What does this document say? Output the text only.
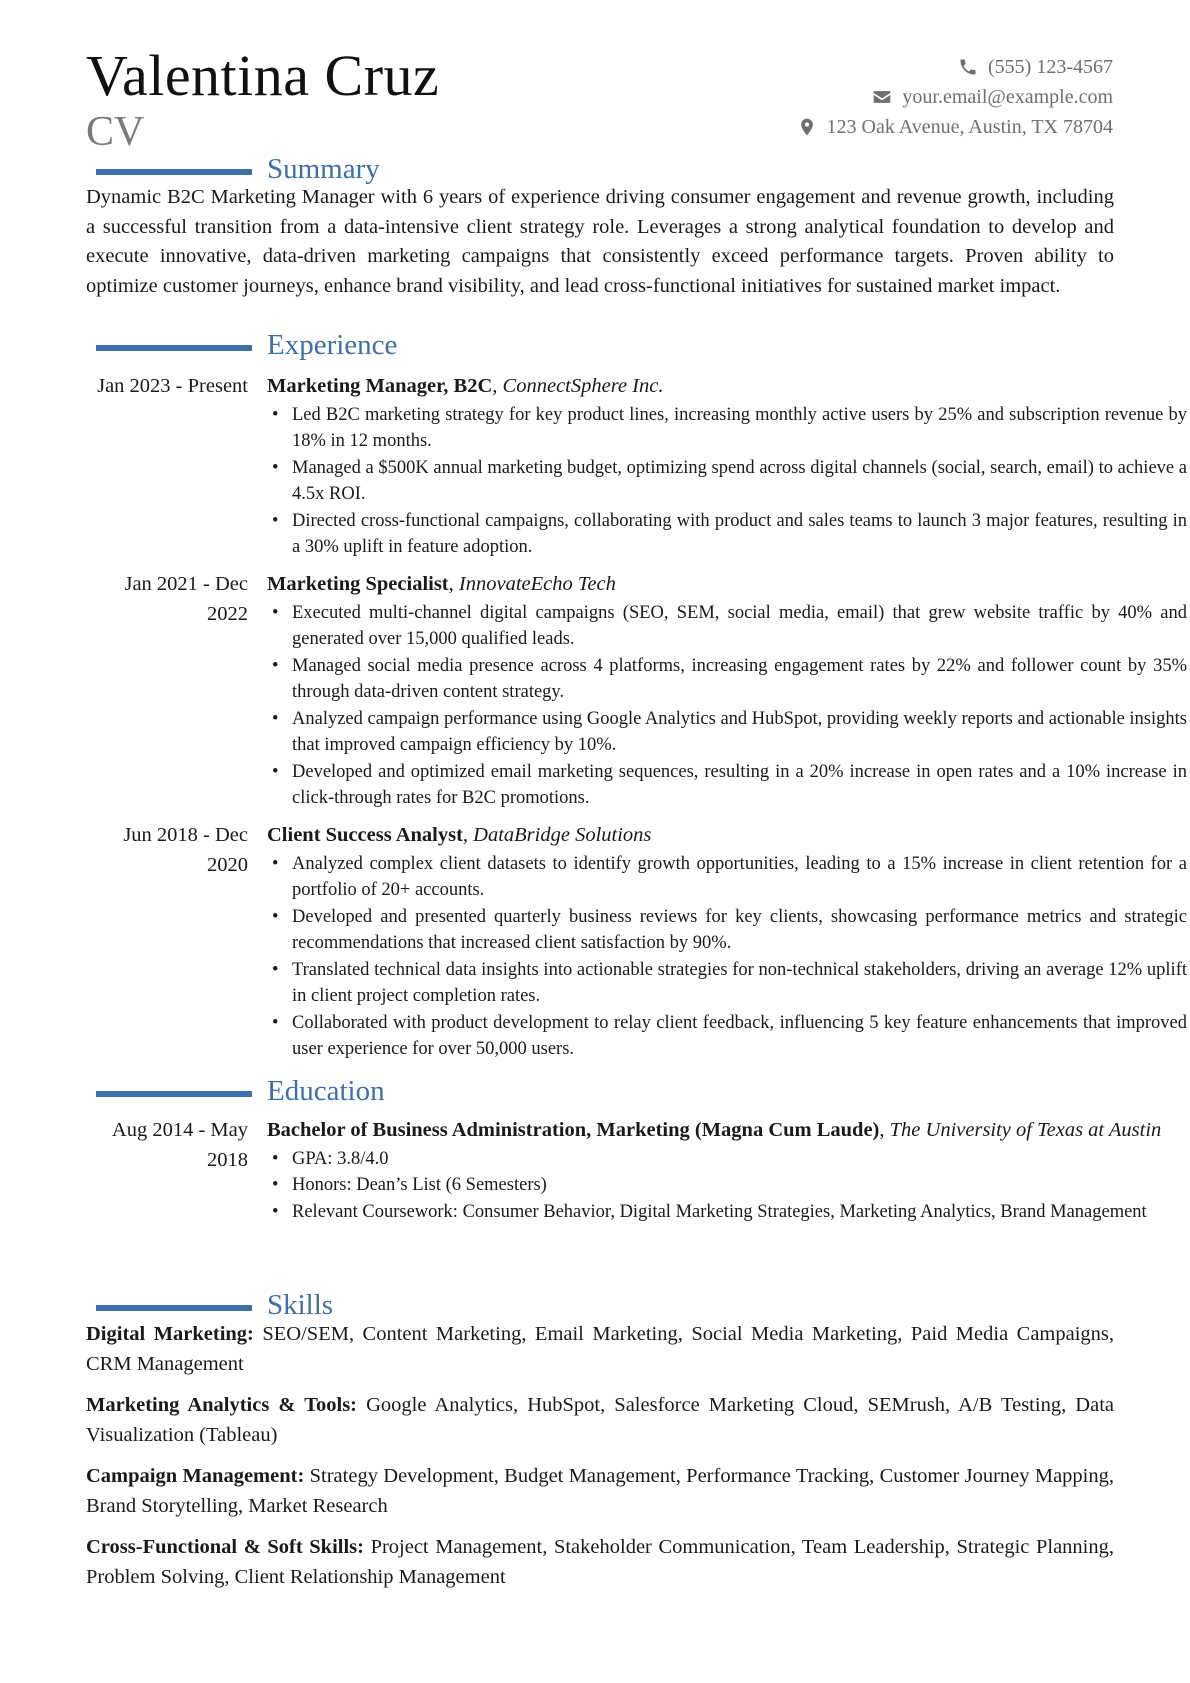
Valentina Cruz
CV
(555) 123-4567
your.email@example.com
123 Oak Avenue, Austin, TX 78704
Summary
Dynamic B2C Marketing Manager with 6 years of experience driving consumer engagement and revenue growth, including a successful transition from a data-intensive client strategy role. Leverages a strong analytical foundation to develop and execute innovative, data-driven marketing campaigns that consistently exceed performance targets. Proven ability to optimize customer journeys, enhance brand visibility, and lead cross-functional initiatives for sustained market impact.
Experience
Jan 2023 - Present Marketing Manager, B2C, ConnectSphere Inc.
• Led B2C marketing strategy for key product lines, increasing monthly active users by 25% and subscription revenue by 18% in 12 months.
• Managed a $500K annual marketing budget, optimizing spend across digital channels (social, search, email) to achieve a 4.5x ROI.
• Directed cross-functional campaigns, collaborating with product and sales teams to launch 3 major features, resulting in a 30% uplift in feature adoption.
Jan 2021 - Dec 2022
Marketing Specialist, InnovateEcho Tech
• Executed multi-channel digital campaigns (SEO, SEM, social media, email) that grew website traffic by 40% and generated over 15,000 qualified leads.
• Managed social media presence across 4 platforms, increasing engagement rates by 22% and follower count by 35% through data-driven content strategy.
• Analyzed campaign performance using Google Analytics and HubSpot, providing weekly reports and actionable insights that improved campaign efficiency by 10%.
• Developed and optimized email marketing sequences, resulting in a 20% increase in open rates and a 10% increase in click-through rates for B2C promotions.
Jun 2018 - Dec 2020
Client Success Analyst, DataBridge Solutions
• Analyzed complex client datasets to identify growth opportunities, leading to a 15% increase in client retention for a portfolio of 20+ accounts.
• Developed and presented quarterly business reviews for key clients, showcasing performance metrics and strategic recommendations that increased client satisfaction by 90%.
• Translated technical data insights into actionable strategies for non-technical stakeholders, driving an average 12% uplift in client project completion rates.
• Collaborated with product development to relay client feedback, influencing 5 key feature enhancements that improved user experience for over 50,000 users.
Education
Aug 2014 - May 2018
Bachelor of Business Administration, Marketing (Magna Cum Laude), The University of Texas at Austin
• GPA: 3.8/4.0
• Honors: Dean’s List (6 Semesters)
• Relevant Coursework: Consumer Behavior, Digital Marketing Strategies, Marketing Analytics, Brand Management
Skills
Digital Marketing: SEO/SEM, Content Marketing, Email Marketing, Social Media Marketing, Paid Media Campaigns, CRM Management
Marketing Analytics & Tools: Google Analytics, HubSpot, Salesforce Marketing Cloud, SEMrush, A/B Testing, Data Visualization (Tableau)
Campaign Management: Strategy Development, Budget Management, Performance Tracking, Customer Journey Mapping, Brand Storytelling, Market Research
Cross-Functional & Soft Skills: Project Management, Stakeholder Communication, Team Leadership, Strategic Planning, Problem Solving, Client Relationship Management
